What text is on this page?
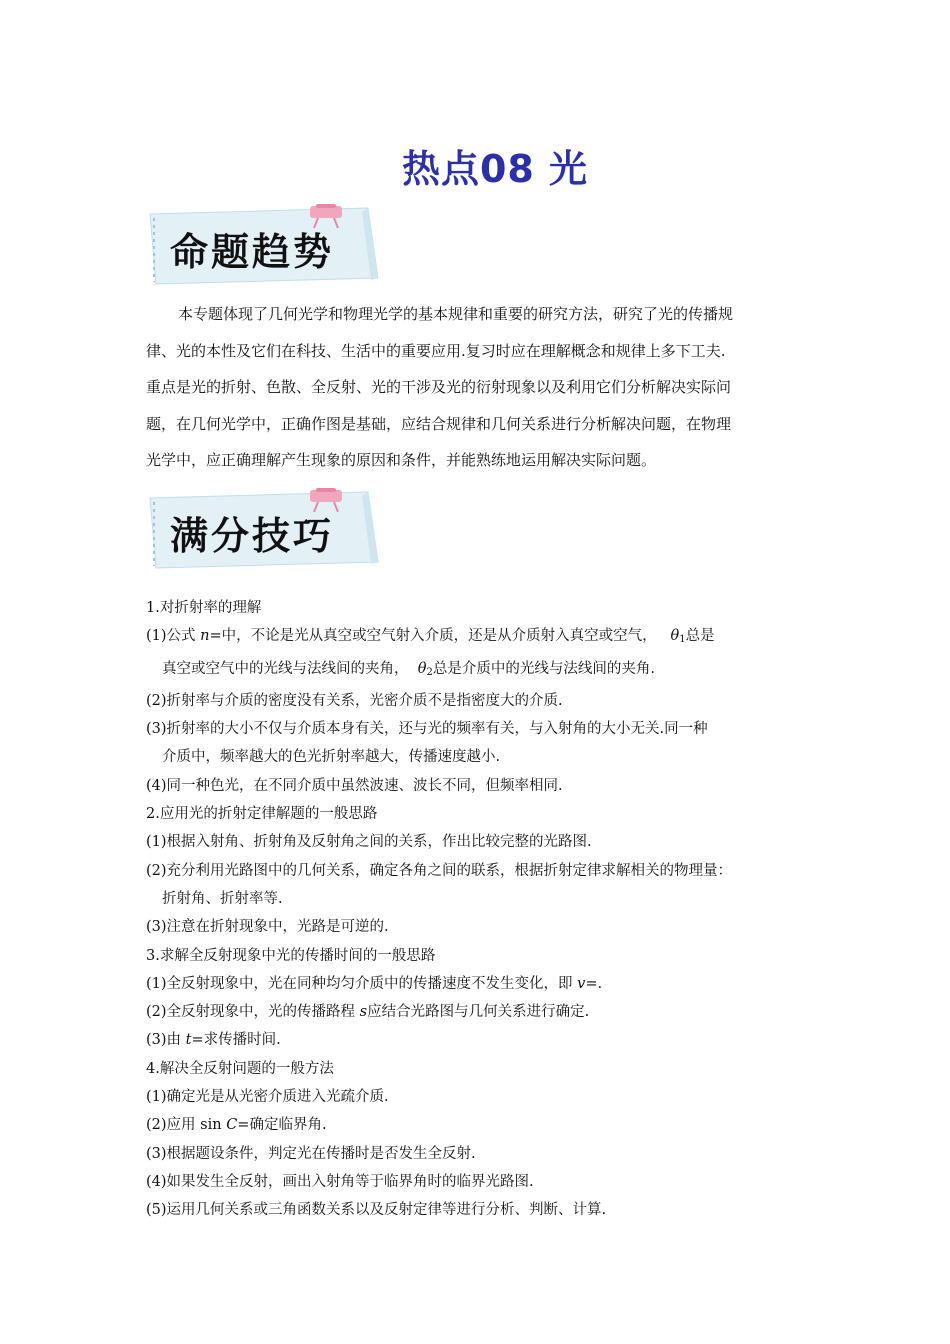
热点08 光
命题趋势

本专题体现了几何光学和物理光学的基本规律和重要的研究方法，研究了光的传播规

律、光的本性及它们在科技、生活中的重要应用.复习时应在理解概念和规律上多下工夫.

重点是光的折射、色散、全反射、光的干涉及光的衍射现象以及利用它们分析解决实际问

题，在几何光学中，正确作图是基础，应结合规律和几何关系进行分析解决问题，在物理

光学中，应正确理解产生现象的原因和条件，并能熟练地运用解决实际问题。

满分技巧
1.对折射率的理解
(1)公式 n=中，不论是光从真空或空气射入介质，还是从介质射入真空或空气， $\theta_1$总是
真空或空气中的光线与法线间的夹角， $\theta_2$总是介质中的光线与法线间的夹角.
(2)折射率与介质的密度没有关系，光密介质不是指密度大的介质.
(3)折射率的大小不仅与介质本身有关，还与光的频率有关，与入射角的大小无关.同一种
介质中，频率越大的色光折射率越大，传播速度越小.
(4)同一种色光，在不同介质中虽然波速、波长不同，但频率相同.
2.应用光的折射定律解题的一般思路
(1)根据入射角、折射角及反射角之间的关系，作出比较完整的光路图.
(2)充分利用光路图中的几何关系，确定各角之间的联系，根据折射定律求解相关的物理量：
折射角、折射率等.
(3)注意在折射现象中，光路是可逆的.
3.求解全反射现象中光的传播时间的一般思路
(1)全反射现象中，光在同种均匀介质中的传播速度不发生变化，即 v=.
(2)全反射现象中，光的传播路程 s应结合光路图与几何关系进行确定.
(3)由 t=求传播时间.
4.解决全反射问题的一般方法
(1)确定光是从光密介质进入光疏介质.
(2)应用 sin C=确定临界角.
(3)根据题设条件，判定光在传播时是否发生全反射.
(4)如果发生全反射，画出入射角等于临界角时的临界光路图.
(5)运用几何关系或三角函数关系以及反射定律等进行分析、判断、计算.
